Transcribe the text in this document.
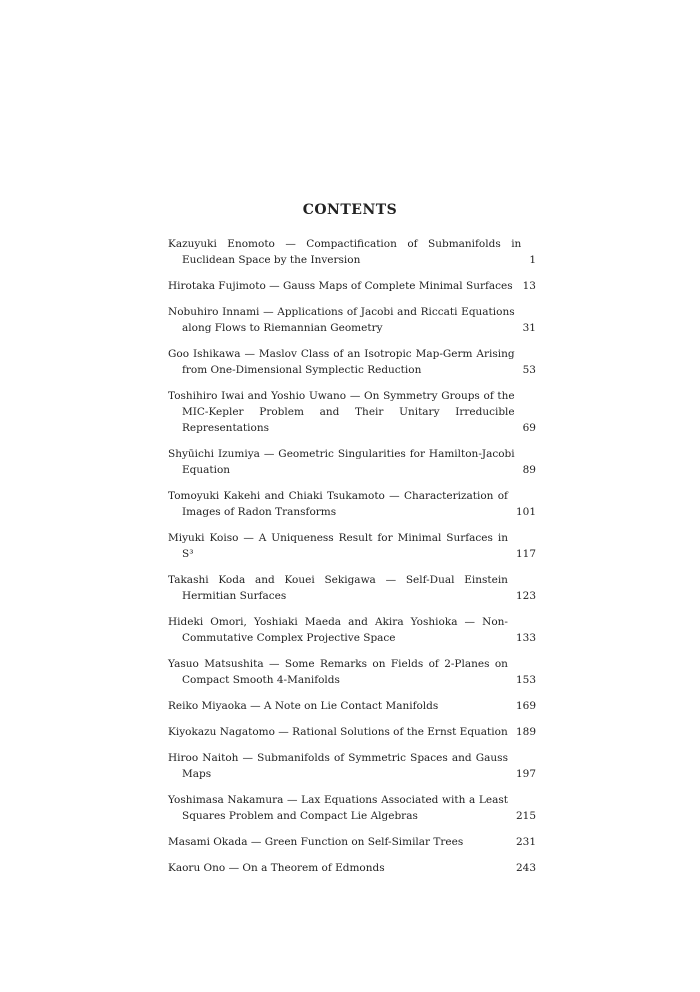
CONTENTS
Kazuyuki Enomoto — Compactification of Submanifolds in Euclidean Space by the Inversion	1
Hirotaka Fujimoto — Gauss Maps of Complete Minimal Surfaces 13
Nobuhiro Innami — Applications of Jacobi and Riccati Equations along Flows to Riemannian Geometry	31
Goo Ishikawa — Maslov Class of an Isotropic Map-Germ Arising from One-Dimensional Symplectic Reduction	53
Toshihiro Iwai and Yoshio Uwano — On Symmetry Groups of the MIC-Kepler Problem and Their Unitary Irreducible Representations	69
Shyūichi Izumiya — Geometric Singularities for Hamilton-Jacobi Equation	89
Tomoyuki Kakehi and Chiaki Tsukamoto — Characterization of Images of Radon Transforms	101
Miyuki Koiso — A Uniqueness Result for Minimal Surfaces in S³	117
Takashi Koda and Kouei Sekigawa — Self-Dual Einstein Hermitian Surfaces	123
Hideki Omori, Yoshiaki Maeda and Akira Yoshioka — Non-Commutative Complex Projective Space	133
Yasuo Matsushita — Some Remarks on Fields of 2-Planes on Compact Smooth 4-Manifolds	153
Reiko Miyaoka — A Note on Lie Contact Manifolds	169
Kiyokazu Nagatomo — Rational Solutions of the Ernst Equation 189
Hiroo Naitoh — Submanifolds of Symmetric Spaces and Gauss Maps	197
Yoshimasa Nakamura — Lax Equations Associated with a Least Squares Problem and Compact Lie Algebras	215
Masami Okada — Green Function on Self-Similar Trees	231
Kaoru Ono — On a Theorem of Edmonds	243
